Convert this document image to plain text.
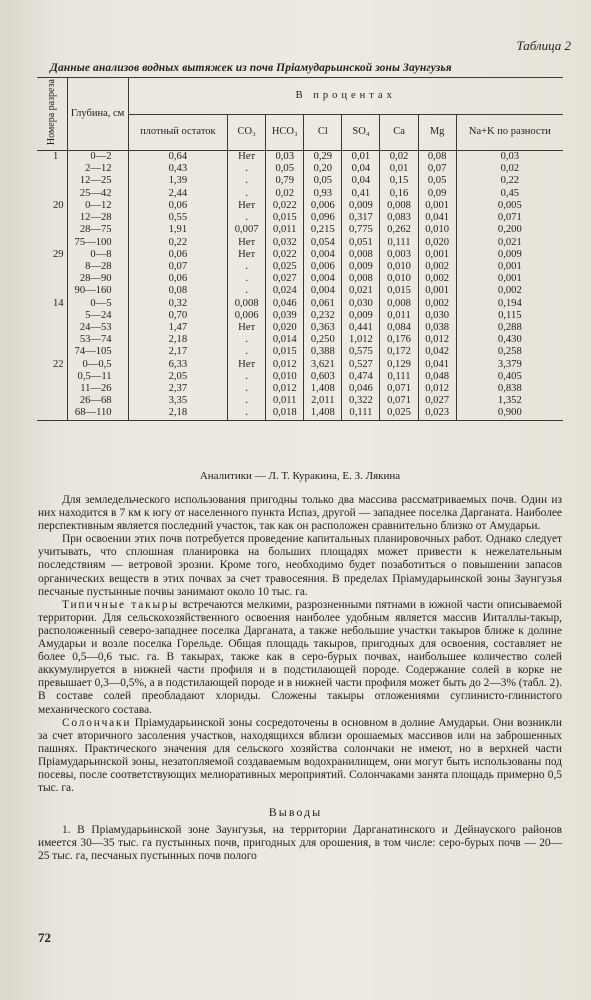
Таблица 2
Данные анализов водных вытяжек из почв Прiамударьинской зоны Заунгузья
Номера разреза	Глубина, см	В процентах							
		плотный остаток	CO₃	HCO₃	Cl	SO₄	Ca	Mg	Na+K по разности
1	0—2	0,64	Нет	0,03	0,29	0,01	0,02	0,08	0,03
	2—12	0,43	.	0,05	0,20	0,04	0,01	0,07	0,02
	12—25	1,39	.	0,79	0,05	0,04	0,15	0,05	0,22
	25—42	2,44	.	0,02	0,93	0,41	0,16	0,09	0,45
20	0—12	0,06	Нет	0,022	0,006	0,009	0,008	0,001	0,005
	12—28	0,55	.	0,015	0,096	0,317	0,083	0,041	0,071
	28—75	1,91	0,007	0,011	0,215	0,775	0,262	0,010	0,200
	75—100	0,22	Нет	0,032	0,054	0,051	0,111	0,020	0,021
29	0—8	0,06	Нет	0,022	0,004	0,008	0,003	0,001	0,009
	8—28	0,07	.	0,025	0,006	0,009	0,010	0,002	0,001
	28—90	0,06	.	0,027	0,004	0,008	0,010	0,002	0,001
	90—160	0,08	.	0,024	0,004	0,021	0,015	0,001	0,002
14	0—5	0,32	0,008	0,046	0,061	0,030	0,008	0,002	0,194
	5—24	0,70	0,006	0,039	0,232	0,009	0,011	0,030	0,115
	24—53	1,47	Нет	0,020	0,363	0,441	0,084	0,038	0,288
	53—74	2,18	.	0,014	0,250	1,012	0,176	0,012	0,430
	74—105	2,17	.	0,015	0,388	0,575	0,172	0,042	0,258
22	0—0,5	6,33	Нет	0,012	3,621	0,527	0,129	0,041	3,379
	0,5—11	2,05	.	0,010	0,603	0,474	0,111	0,048	0,405
	11—26	2,37	.	0,012	1,408	0,046	0,071	0,012	0,838
	26—68	3,35	.	0,011	2,011	0,322	0,071	0,027	1,352
	68—110	2,18	.	0,018	1,408	0,111	0,025	0,023	0,900
Аналитики — Л. Т. Куракина, Е. З. Лякина

Для земледельческого использования пригодны только два массива рассматриваемых почв. Один из них находится в 7 км к югу от населенного пункта Испаз, другой — западнее поселка Дарганата. Наиболее перспективным является последний участок, так как он расположен сравнительно близко от Амударьи.

При освоении этих почв потребуется проведение капитальных планировочных работ. Однако следует учитывать, что сплошная планировка на больших площадях может привести к нежелательным последствиям — ветровой эрозии. Кроме того, необходимо будет позаботиться о повышении запасов органических веществ в этих почвах за счет травосеяния. В пределах Прiамударьинской зоны Заунгузья песчаные пустынные почвы занимают около 10 тыс. га.

Типичные такыры встречаются мелкими, разрозненными пятнами в южной части описываемой территории. Для сельскохозяйственного освоения наиболее удобным является массив Ииталлы-такыр, расположенный северо-западнее поселка Дарганата, а также небольшие участки такыров ближе к долине Амударьи и возле поселка Горельде. Общая площадь такыров, пригодных для освоения, составляет не более 0,5—0,6 тыс. га. В такырах, также как в серо-бурых почвах, наибольшее количество солей аккумулируется в нижней части профиля и в подстилающей породе. Содержание солей в корке не превышает 0,3—0,5%, а в подстилающей породе и в нижней части профиля может быть до 2—3% (табл. 2). В составе солей преобладают хлориды. Сложены такыры отложениями суглинисто-глинистого механического состава.

Солончаки Прiамударьинской зоны сосредоточены в основном в долине Амударьи. Они возникли за счет вторичного засоления участков, находящихся вблизи орошаемых массивов или на заброшенных пашнях. Практического значения для сельского хозяйства солончаки не имеют, но в верхней части Прiамударьинской зоны, незатопляемой создаваемым водохранилищем, они могут быть использованы под посевы, после соответствующих мелиоративных мероприятий. Солончаками занята площадь примерно 0,5 тыс. га.

Выводы

1. В Прiамударьинской зоне Заунгузья, на территории Дарганатинского и Дейнауского районов имеется 30—35 тыс. га пустынных почв, пригодных для орошения, в том числе: серо-бурых почв — 20—25 тыс. га, песчаных пустынных почв полого

72
